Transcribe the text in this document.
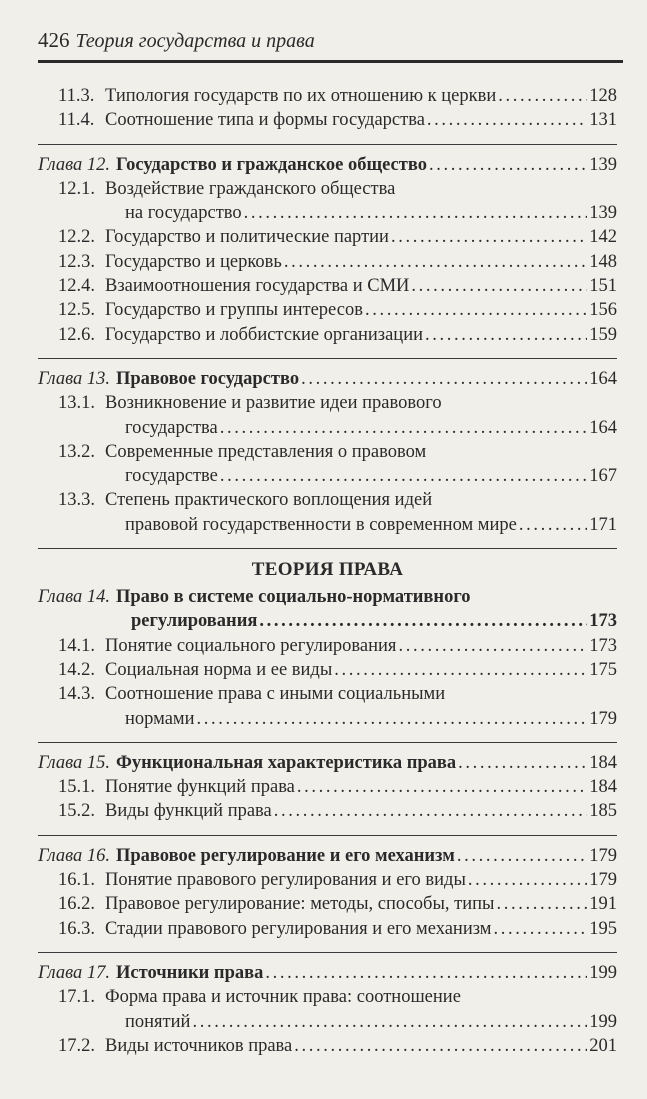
426 Теория государства и права
11.3. Типология государств по их отношению к церкви . . .	128
11.4. Соотношение типа и формы государства . . .	131
Глава 12. Государство и гражданское общество . . .	139
12.1. Воздействие гражданского общества
на государство . . .	139
12.2. Государство и политические партии . . .	142
12.3. Государство и церковь . . .	148
12.4. Взаимоотношения государства и СМИ . . .	151
12.5. Государство и группы интересов . . .	156
12.6. Государство и лоббистские организации . . .	159
Глава 13. Правовое государство . . .	164
13.1. Возникновение и развитие идеи правового
государства . . .	164
13.2. Современные представления о правовом
государстве . . .	167
13.3. Степень практического воплощения идей
правовой государственности в современном мире . . .	171
ТЕОРИЯ ПРАВА
Глава 14. Право в системе социально-нормативного
регулирования . . .	173
14.1. Понятие социального регулирования . . .	173
14.2. Социальная норма и ее виды . . .	175
14.3. Соотношение права с иными социальными
нормами . . .	179
Глава 15. Функциональная характеристика права . . .	184
15.1. Понятие функций права . . .	184
15.2. Виды функций права . . .	185
Глава 16. Правовое регулирование и его механизм . . .	179
16.1. Понятие правового регулирования и его виды . . .	179
16.2. Правовое регулирование: методы, способы, типы . . .	191
16.3. Стадии правового регулирования и его механизм . . .	195
Глава 17. Источники права . . .	199
17.1. Форма права и источник права: соотношение
понятий . . .	199
17.2. Виды источников права . . .	201
